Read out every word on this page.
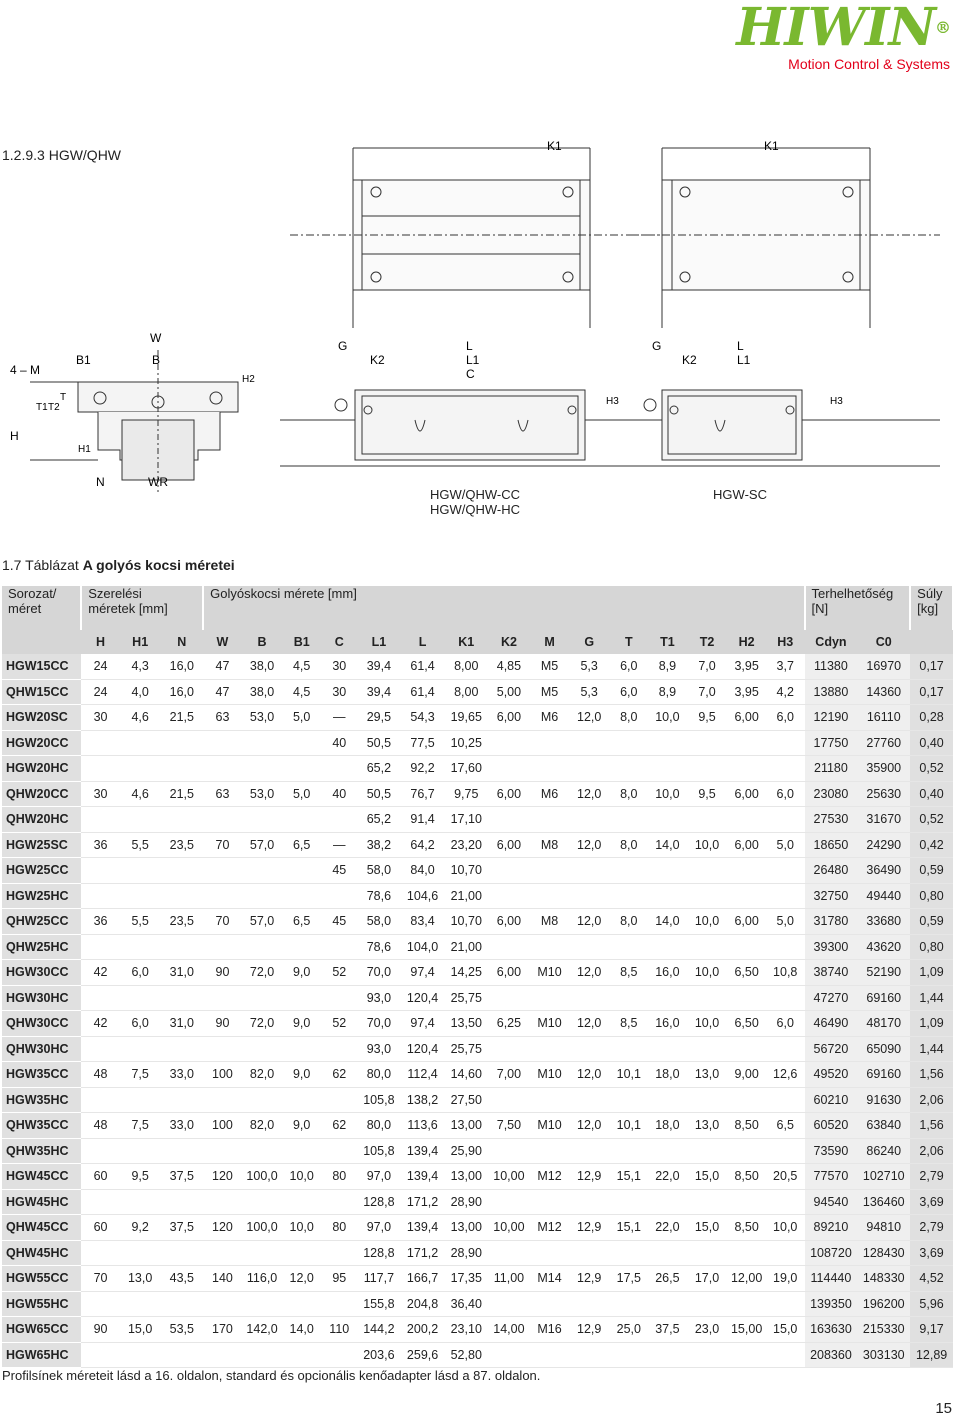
HIWIN®
Motion Control & Systems
1.2.9.3 HGW/QHW
K1	K1
4 – M
W
B1	B
H
T1 T2
T
H2
H1
N	WR
G
K2
L
L1
C
H3
G
K2
L
L1
H3
HGW/QHW-CC
HGW/QHW-HC
HGW-SC
1.7 Táblázat A golyós kocsi méretei
Sorozat/
méret	Szerelési
méretek [mm]			Golyóskocsi mérete [mm]															Terhelhetőség
[N]		Súly
[kg]
	H	H1	N	W	B	B1	C	L1	L	K1	K2	M	G	T	T1	T2	H2	H3	Cdyn	C0	
HGW15CC	24	4,3	16,0	47	38,0	4,5	30	39,4	61,4	8,00	4,85	M5	5,3	6,0	8,9	7,0	3,95	3,7	11380	16970	0,17
QHW15CC	24	4,0	16,0	47	38,0	4,5	30	39,4	61,4	8,00	5,00	M5	5,3	6,0	8,9	7,0	3,95	4,2	13880	14360	0,17
HGW20SC	30	4,6	21,5	63	53,0	5,0	—	29,5	54,3	19,65	6,00	M6	12,0	8,0	10,0	9,5	6,00	6,0	12190	16110	0,28
HGW20CC							40	50,5	77,5	10,25									17750	27760	0,40
HGW20HC								65,2	92,2	17,60									21180	35900	0,52
QHW20CC	30	4,6	21,5	63	53,0	5,0	40	50,5	76,7	9,75	6,00	M6	12,0	8,0	10,0	9,5	6,00	6,0	23080	25630	0,40
QHW20HC								65,2	91,4	17,10									27530	31670	0,52
HGW25SC	36	5,5	23,5	70	57,0	6,5	—	38,2	64,2	23,20	6,00	M8	12,0	8,0	14,0	10,0	6,00	5,0	18650	24290	0,42
HGW25CC							45	58,0	84,0	10,70									26480	36490	0,59
HGW25HC								78,6	104,6	21,00									32750	49440	0,80
QHW25CC	36	5,5	23,5	70	57,0	6,5	45	58,0	83,4	10,70	6,00	M8	12,0	8,0	14,0	10,0	6,00	5,0	31780	33680	0,59
QHW25HC								78,6	104,0	21,00									39300	43620	0,80
HGW30CC	42	6,0	31,0	90	72,0	9,0	52	70,0	97,4	14,25	6,00	M10	12,0	8,5	16,0	10,0	6,50	10,8	38740	52190	1,09
HGW30HC								93,0	120,4	25,75									47270	69160	1,44
QHW30CC	42	6,0	31,0	90	72,0	9,0	52	70,0	97,4	13,50	6,25	M10	12,0	8,5	16,0	10,0	6,50	6,0	46490	48170	1,09
QHW30HC								93,0	120,4	25,75									56720	65090	1,44
HGW35CC	48	7,5	33,0	100	82,0	9,0	62	80,0	112,4	14,60	7,00	M10	12,0	10,1	18,0	13,0	9,00	12,6	49520	69160	1,56
HGW35HC								105,8	138,2	27,50									60210	91630	2,06
QHW35CC	48	7,5	33,0	100	82,0	9,0	62	80,0	113,6	13,00	7,50	M10	12,0	10,1	18,0	13,0	8,50	6,5	60520	63840	1,56
QHW35HC								105,8	139,4	25,90									73590	86240	2,06
HGW45CC	60	9,5	37,5	120	100,0	10,0	80	97,0	139,4	13,00	10,00	M12	12,9	15,1	22,0	15,0	8,50	20,5	77570	102710	2,79
HGW45HC								128,8	171,2	28,90									94540	136460	3,69
QHW45CC	60	9,2	37,5	120	100,0	10,0	80	97,0	139,4	13,00	10,00	M12	12,9	15,1	22,0	15,0	8,50	10,0	89210	94810	2,79
QHW45HC								128,8	171,2	28,90									108720	128430	3,69
HGW55CC	70	13,0	43,5	140	116,0	12,0	95	117,7	166,7	17,35	11,00	M14	12,9	17,5	26,5	17,0	12,00	19,0	114440	148330	4,52
HGW55HC								155,8	204,8	36,40									139350	196200	5,96
HGW65CC	90	15,0	53,5	170	142,0	14,0	110	144,2	200,2	23,10	14,00	M16	12,9	25,0	37,5	23,0	15,00	15,0	163630	215330	9,17
HGW65HC								203,6	259,6	52,80									208360	303130	12,89
Profilsínek méreteit lásd a 16. oldalon, standard és opcionális kenőadapter lásd a 87. oldalon.
15
